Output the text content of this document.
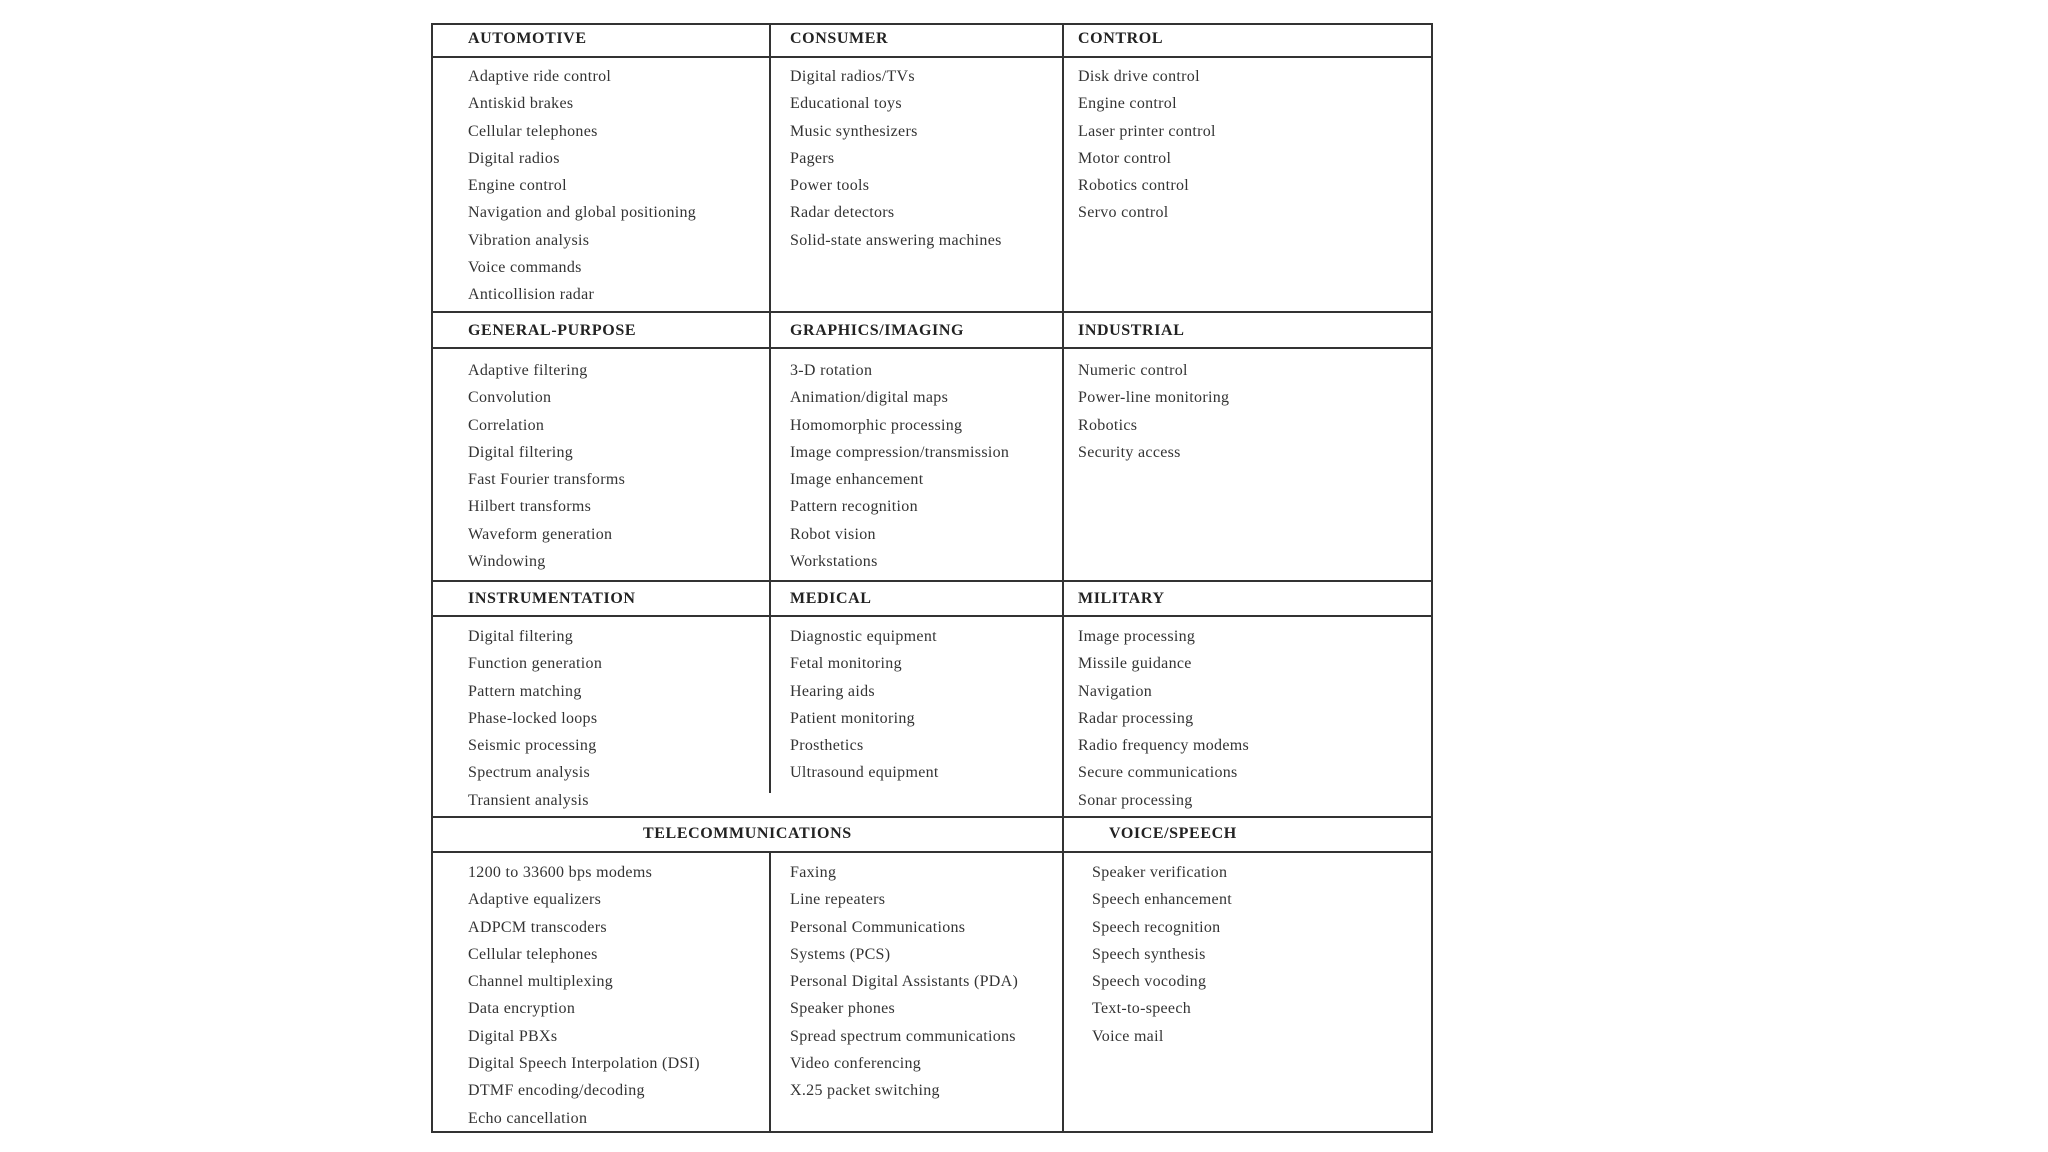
AUTOMOTIVE
Adaptive ride control
Antiskid brakes
Cellular telephones
Digital radios
Engine control
Navigation and global positioning
Vibration analysis
Voice commands
Anticollision radar
CONSUMER
Digital radios/TVs
Educational toys
Music synthesizers
Pagers
Power tools
Radar detectors
Solid-state answering machines
CONTROL
Disk drive control
Engine control
Laser printer control
Motor control
Robotics control
Servo control
GENERAL-PURPOSE
Adaptive filtering
Convolution
Correlation
Digital filtering
Fast Fourier transforms
Hilbert transforms
Waveform generation
Windowing
GRAPHICS/IMAGING
3-D rotation
Animation/digital maps
Homomorphic processing
Image compression/transmission
Image enhancement
Pattern recognition
Robot vision
Workstations
INDUSTRIAL
Numeric control
Power-line monitoring
Robotics
Security access
INSTRUMENTATION
Digital filtering
Function generation
Pattern matching
Phase-locked loops
Seismic processing
Spectrum analysis
Transient analysis
MEDICAL
Diagnostic equipment
Fetal monitoring
Hearing aids
Patient monitoring
Prosthetics
Ultrasound equipment
MILITARY
Image processing
Missile guidance
Navigation
Radar processing
Radio frequency modems
Secure communications
Sonar processing
TELECOMMUNICATIONS
1200 to 33600 bps modems
Adaptive equalizers
ADPCM transcoders
Cellular telephones
Channel multiplexing
Data encryption
Digital PBXs
Digital Speech Interpolation (DSI)
DTMF encoding/decoding
Echo cancellation
Faxing
Line repeaters
Personal Communications
Systems (PCS)
Personal Digital Assistants (PDA)
Speaker phones
Spread spectrum communications
Video conferencing
X.25 packet switching
VOICE/SPEECH
Speaker verification
Speech enhancement
Speech recognition
Speech synthesis
Speech vocoding
Text-to-speech
Voice mail
